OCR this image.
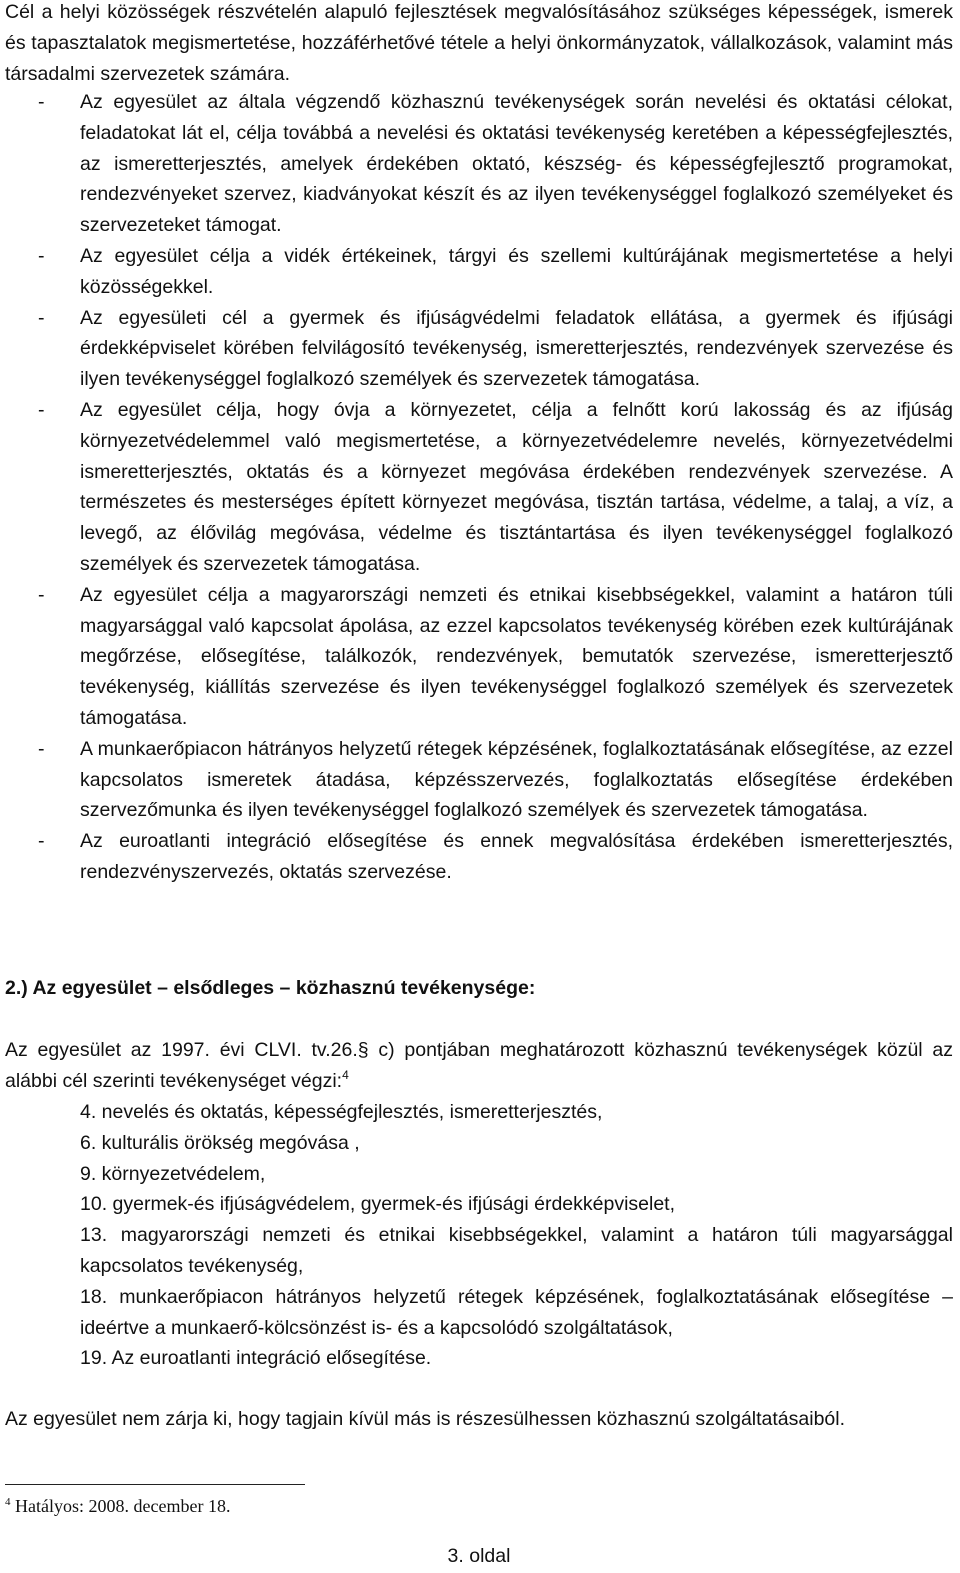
Cél a helyi közösségek részvételén alapuló fejlesztések megvalósításához szükséges képességek, ismerek és tapasztalatok megismertetése, hozzáférhetővé tétele a helyi önkormányzatok, vállalkozások, valamint más társadalmi szervezetek számára.

- Az egyesület az általa végzendő közhasznú tevékenységek során nevelési és oktatási célokat, feladatokat lát el, célja továbbá a nevelési és oktatási tevékenység keretében a képességfejlesztés, az ismeretterjesztés, amelyek érdekében oktató, készség- és képességfejlesztő programokat, rendezvényeket szervez, kiadványokat készít és az ilyen tevékenységgel foglalkozó személyeket és szervezeteket támogat.
- Az egyesület célja a vidék értékeinek, tárgyi és szellemi kultúrájának megismertetése a helyi közösségekkel.
- Az egyesületi cél a gyermek és ifjúságvédelmi feladatok ellátása, a gyermek és ifjúsági érdekképviselet körében felvilágosító tevékenység, ismeretterjesztés, rendezvények szervezése és ilyen tevékenységgel foglalkozó személyek és szervezetek támogatása.
- Az egyesület célja, hogy óvja a környezetet, célja a felnőtt korú lakosság és az ifjúság környezetvédelemmel való megismertetése, a környezetvédelemre nevelés, környezetvédelmi ismeretterjesztés, oktatás és a környezet megóvása érdekében rendezvények szervezése. A természetes és mesterséges épített környezet megóvása, tisztán tartása, védelme, a talaj, a víz, a levegő, az élővilág megóvása, védelme és tisztántartása és ilyen tevékenységgel foglalkozó személyek és szervezetek támogatása.
- Az egyesület célja a magyarországi nemzeti és etnikai kisebbségekkel, valamint a határon túli magyarsággal való kapcsolat ápolása, az ezzel kapcsolatos tevékenység körében ezek kultúrájának megőrzése, elősegítése, találkozók, rendezvények, bemutatók szervezése, ismeretterjesztő tevékenység, kiállítás szervezése és ilyen tevékenységgel foglalkozó személyek és szervezetek támogatása.
- A munkaerőpiacon hátrányos helyzetű rétegek képzésének, foglalkoztatásának elősegítése, az ezzel kapcsolatos ismeretek átadása, képzésszervezés, foglalkoztatás elősegítése érdekében szervezőmunka és ilyen tevékenységgel foglalkozó személyek és szervezetek támogatása.
- Az euroatlanti integráció elősegítése és ennek megvalósítása érdekében ismeretterjesztés, rendezvényszervezés, oktatás szervezése.

2.) Az egyesület – elsődleges – közhasznú tevékenysége:

Az egyesület az 1997. évi CLVI. tv.26.§ c) pontjában meghatározott közhasznú tevékenységek közül az alábbi cél szerinti tevékenységet végzi:$^4$

4. nevelés és oktatás, képességfejlesztés, ismeretterjesztés,
6. kulturális örökség megóvása ,
9. környezetvédelem,
10. gyermek-és ifjúságvédelem, gyermek-és ifjúsági érdekképviselet,
13. magyarországi nemzeti és etnikai kisebbségekkel, valamint a határon túli magyarsággal kapcsolatos tevékenység,
18. munkaerőpiacon hátrányos helyzetű rétegek képzésének, foglalkoztatásának elősegítése –ideértve a munkaerő-kölcsönzést is- és a kapcsolódó szolgáltatások,
19. Az euroatlanti integráció elősegítése.

Az egyesület nem zárja ki, hogy tagjain kívül más is részesülhessen közhasznú szolgáltatásaiból.

$^4$ Hatályos: 2008. december 18.

3. oldal
